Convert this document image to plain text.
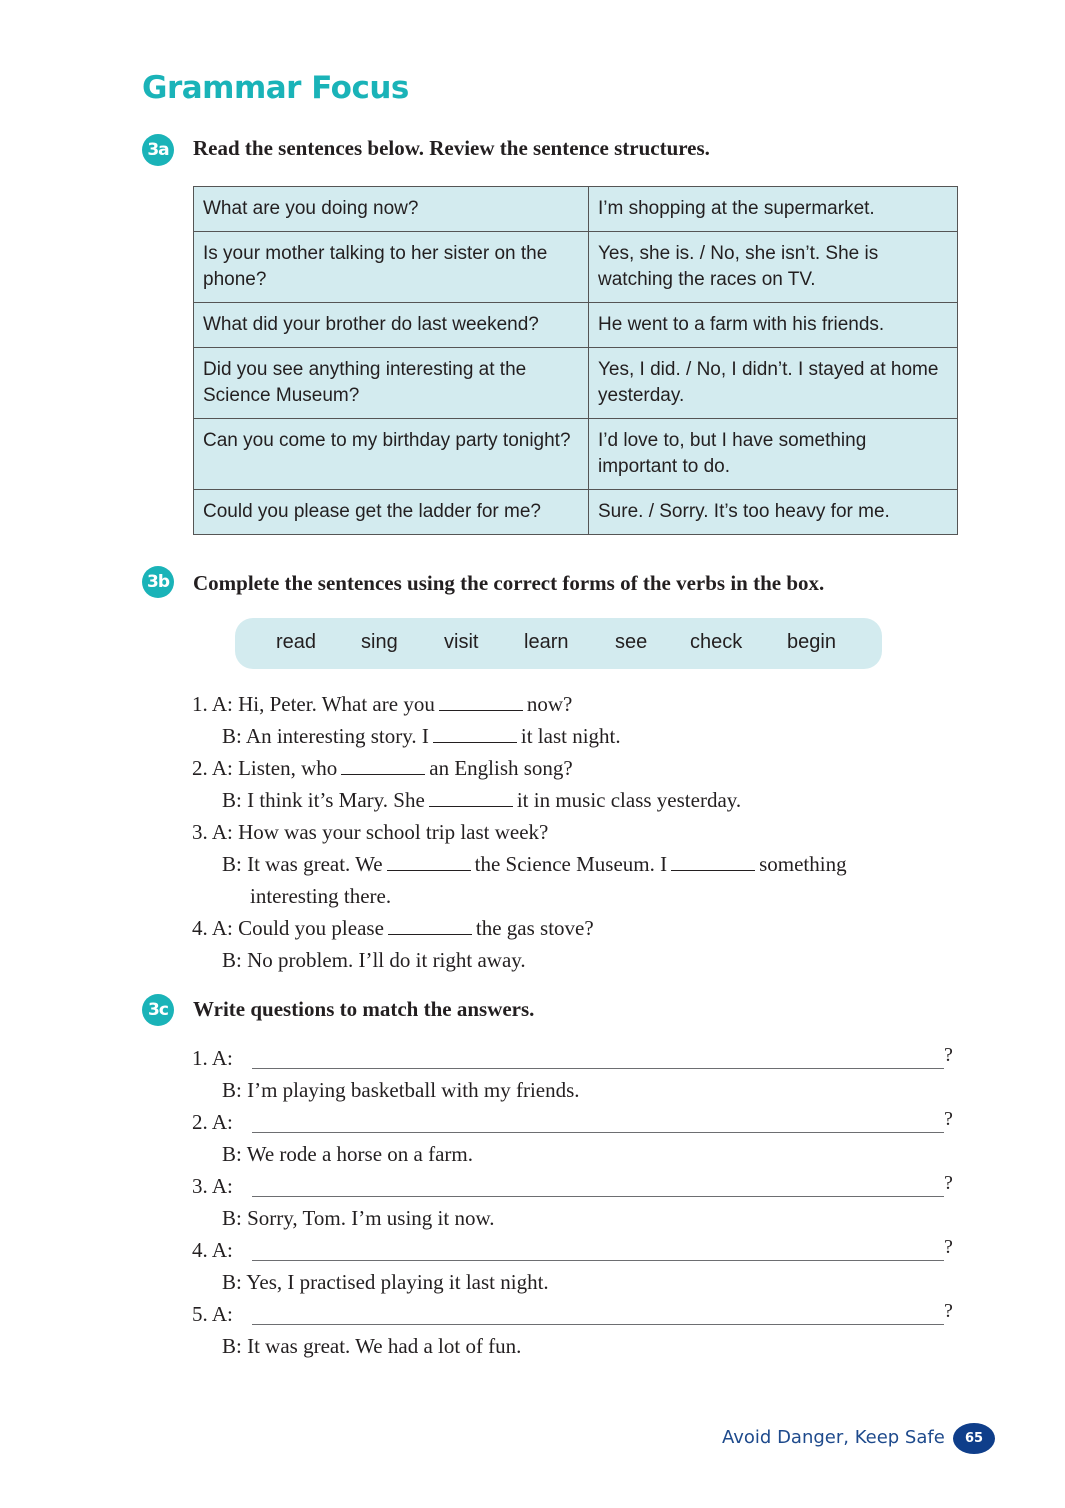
Grammar Focus
3a Read the sentences below. Review the sentence structures.
What are you doing now?	I’m shopping at the supermarket.
Is your mother talking to her sister on the phone?	Yes, she is. / No, she isn’t. She is watching the races on TV.
What did your brother do last weekend?	He went to a farm with his friends.
Did you see anything interesting at the Science Museum?	Yes, I did. / No, I didn’t. I stayed at home yesterday.
Can you come to my birthday party tonight?	I’d love to, but I have something important to do.
Could you please get the ladder for me?	Sure. / Sorry. It’s too heavy for me.
3b Complete the sentences using the correct forms of the verbs in the box.
read sing visit learn see check begin
1. A: Hi, Peter. What are you	now?
B: An interesting story. I	it last night.
2. A: Listen, who	an English song?
B: I think it’s Mary. She	it in music class yesterday.
3. A: How was your school trip last week?
B: It was great. We	the Science Museum. I	something
interesting there.
4. A: Could you please	the gas stove?
B: No problem. I’ll do it right away.
3c Write questions to match the answers.
1. A:	?
B: I’m playing basketball with my friends.
2. A:	?
B: We rode a horse on a farm.
3. A:	?
B: Sorry, Tom. I’m using it now.
4. A:	?
B: Yes, I practised playing it last night.
5. A:	?
B: It was great. We had a lot of fun.
Avoid Danger, Keep Safe	65
